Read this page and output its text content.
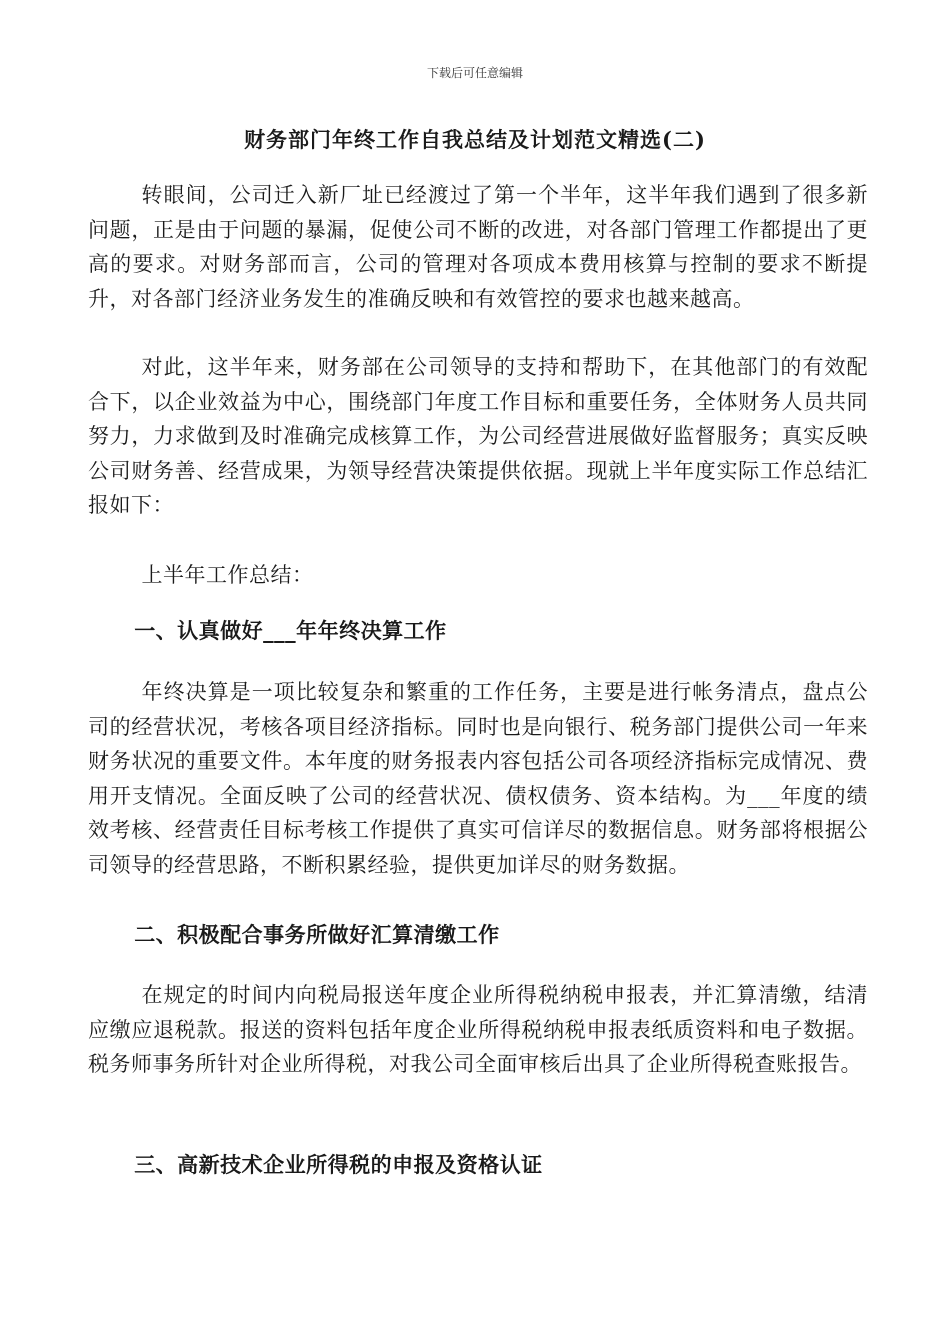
下载后可任意编辑
财务部门年终工作自我总结及计划范文精选(二)

转眼间，公司迁入新厂址已经渡过了第一个半年，这半年我们遇到了很多新问题，正是由于问题的暴漏，促使公司不断的改进，对各部门管理工作都提出了更高的要求。对财务部而言，公司的管理对各项成本费用核算与控制的要求不断提升，对各部门经济业务发生的准确反映和有效管控的要求也越来越高。

对此，这半年来，财务部在公司领导的支持和帮助下，在其他部门的有效配合下，以企业效益为中心，围绕部门年度工作目标和重要任务，全体财务人员共同努力，力求做到及时准确完成核算工作，为公司经营进展做好监督服务；真实反映公司财务善、经营成果，为领导经营决策提供依据。现就上半年度实际工作总结汇报如下：

上半年工作总结：

一、认真做好___年年终决算工作

年终决算是一项比较复杂和繁重的工作任务，主要是进行帐务清点，盘点公司的经营状况，考核各项目经济指标。同时也是向银行、税务部门提供公司一年来财务状况的重要文件。本年度的财务报表内容包括公司各项经济指标完成情况、费用开支情况。全面反映了公司的经营状况、债权债务、资本结构。为___年度的绩效考核、经营责任目标考核工作提供了真实可信详尽的数据信息。财务部将根据公司领导的经营思路，不断积累经验，提供更加详尽的财务数据。

二、积极配合事务所做好汇算清缴工作

在规定的时间内向税局报送年度企业所得税纳税申报表，并汇算清缴，结清应缴应退税款。报送的资料包括年度企业所得税纳税申报表纸质资料和电子数据。税务师事务所针对企业所得税，对我公司全面审核后出具了企业所得税查账报告。

三、高新技术企业所得税的申报及资格认证
